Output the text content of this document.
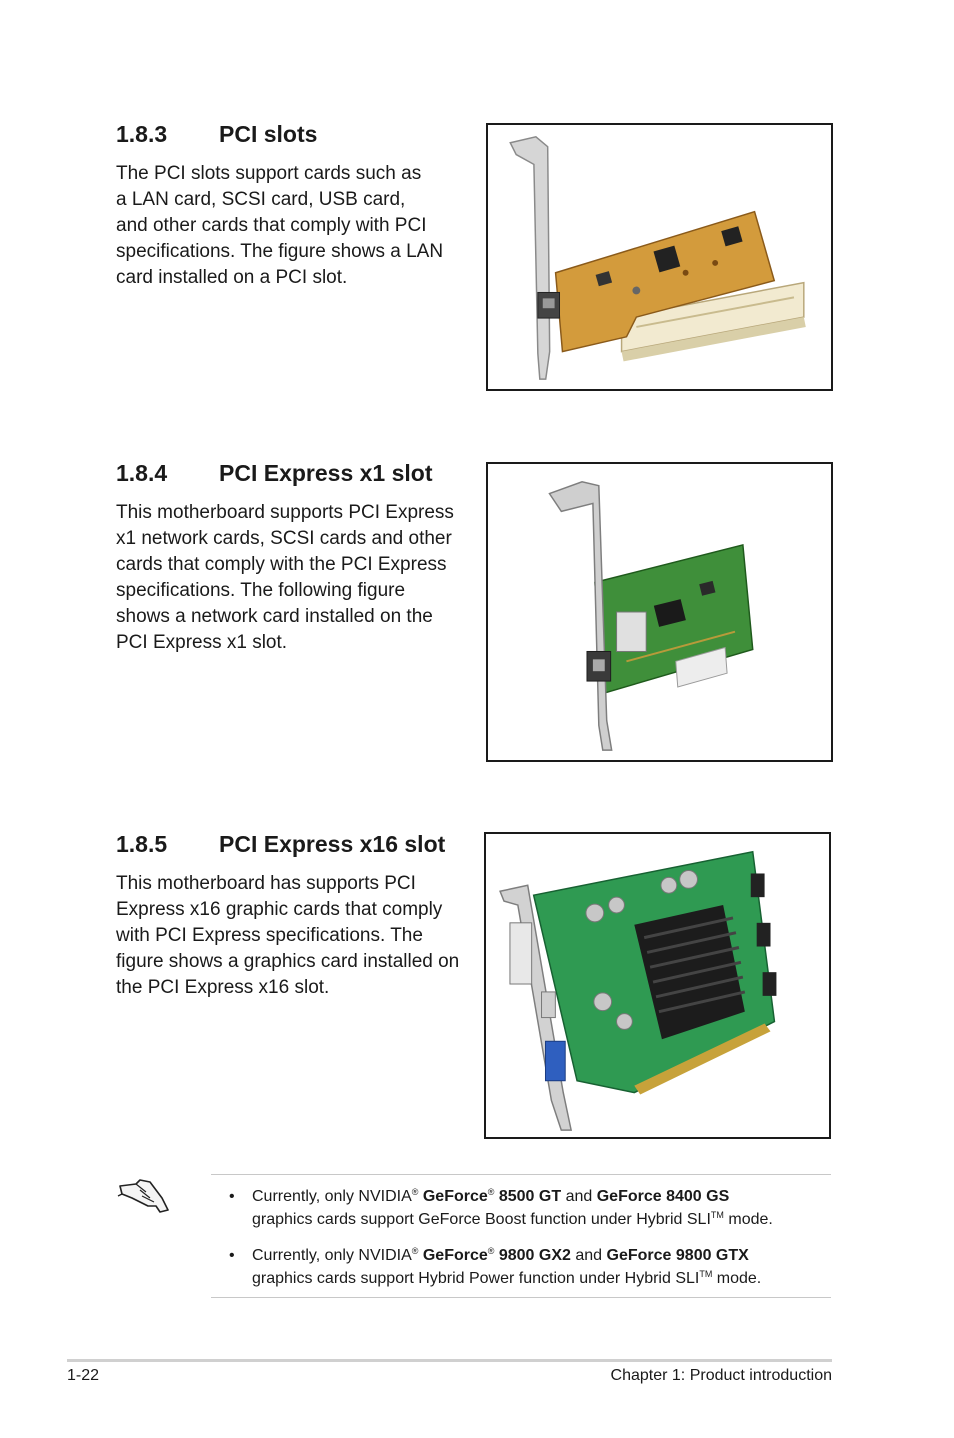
1.8.3 PCI slots

The PCI slots support cards such as
a LAN card, SCSI card, USB card,
and other cards that comply with PCI
specifications. The figure shows a LAN
card installed on a PCI slot.

1.8.4 PCI Express x1 slot

This motherboard supports PCI Express
x1 network cards, SCSI cards and other
cards that comply with the PCI Express
specifications. The following figure
shows a network card installed on the
PCI Express x1 slot.

1.8.5 PCI Express x16 slot

This motherboard has supports PCI
Express x16 graphic cards that comply
with PCI Express specifications. The
figure shows a graphics card installed on
the PCI Express x16 slot.

• Currently, only NVIDIA® GeForce® 8500 GT and GeForce 8400 GS
graphics cards support GeForce Boost function under Hybrid SLI™ mode.
• Currently, only NVIDIA® GeForce® 9800 GX2 and GeForce 9800 GTX
graphics cards support Hybrid Power function under Hybrid SLI™ mode.
1-22	Chapter 1: Product introduction
